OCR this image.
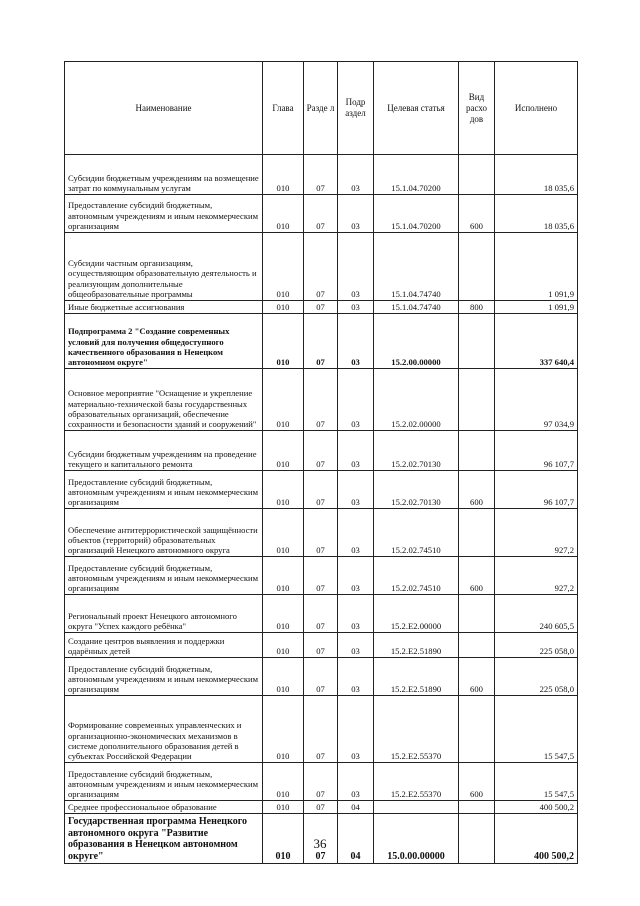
Наименование	Глава	Разде л	Подр аздел	Целевая статья	Вид расхо дов	Исполнено
Субсидии бюджетным учреждениям на возмещение затрат по коммунальным услугам	010	07	03	15.1.04.70200		18 035,6
Предоставление субсидий бюджетным, автономным учреждениям и иным некоммерческим организациям	010	07	03	15.1.04.70200	600	18 035,6
Субсидии частным организациям, осуществляющим образовательную деятельность и реализующим дополнительные общеобразовательные программы	010	07	03	15.1.04.74740		1 091,9
Иные бюджетные ассигнования	010	07	03	15.1.04.74740	800	1 091,9
Подпрограмма 2 "Создание современных условий для получения общедоступного качественного образования в Ненецком автономном округе"	010	07	03	15.2.00.00000		337 640,4
Основное мероприятие "Оснащение и укрепление материально-технической базы государственных образовательных организаций, обеспечение сохранности и безопасности зданий и сооружений"	010	07	03	15.2.02.00000		97 034,9
Субсидии бюджетным учреждениям на проведение текущего и капитального ремонта	010	07	03	15.2.02.70130		96 107,7
Предоставление субсидий бюджетным, автономным учреждениям и иным некоммерческим организациям	010	07	03	15.2.02.70130	600	96 107,7
Обеспечение антитеррористической защищённости объектов (территорий) образовательных организаций Ненецкого автономного округа	010	07	03	15.2.02.74510		927,2
Предоставление субсидий бюджетным, автономным учреждениям и иным некоммерческим организациям	010	07	03	15.2.02.74510	600	927,2
Региональный проект Ненецкого автономного округа "Успех каждого ребёнка"	010	07	03	15.2.E2.00000		240 605,5
Создание центров выявления и поддержки одарённых детей	010	07	03	15.2.E2.51890		225 058,0
Предоставление субсидий бюджетным, автономным учреждениям и иным некоммерческим организациям	010	07	03	15.2.E2.51890	600	225 058,0
Формирование современных управленческих и организационно-экономических механизмов в системе дополнительного образования детей в субъектах Российской Федерации	010	07	03	15.2.E2.55370		15 547,5
Предоставление субсидий бюджетным, автономным учреждениям и иным некоммерческим организациям	010	07	03	15.2.E2.55370	600	15 547,5
Среднее профессиональное образование	010	07	04			400 500,2
Государственная программа Ненецкого автономного округа "Развитие образования в Ненецком автономном округе"	010	07	04	15.0.00.00000		400 500,2
36
